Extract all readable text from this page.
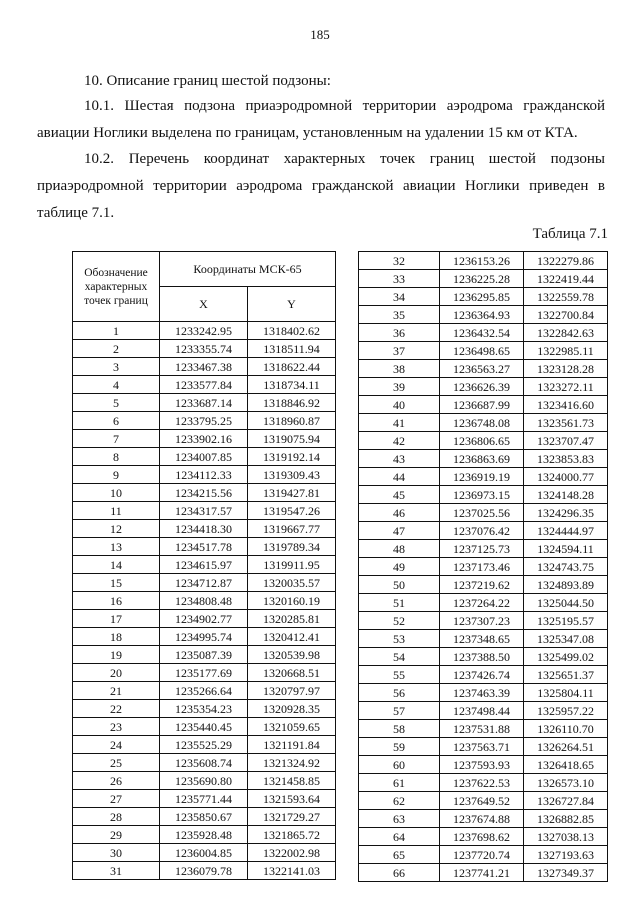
185
10. Описание границ шестой подзоны:
10.1. Шестая подзона приаэродромной территории аэродрома гражданской авиации Ноглики выделена по границам, установленным на удалении 15 км от КТА.
10.2. Перечень координат характерных точек границ шестой подзоны приаэродромной территории аэродрома гражданской авиации Ноглики приведен в таблице 7.1.
Таблица 7.1
Обозначение характерных точек границ	Координаты МСК-65	
	X	Y
1	1233242.95	1318402.62
2	1233355.74	1318511.94
3	1233467.38	1318622.44
4	1233577.84	1318734.11
5	1233687.14	1318846.92
6	1233795.25	1318960.87
7	1233902.16	1319075.94
8	1234007.85	1319192.14
9	1234112.33	1319309.43
10	1234215.56	1319427.81
11	1234317.57	1319547.26
12	1234418.30	1319667.77
13	1234517.78	1319789.34
14	1234615.97	1319911.95
15	1234712.87	1320035.57
16	1234808.48	1320160.19
17	1234902.77	1320285.81
18	1234995.74	1320412.41
19	1235087.39	1320539.98
20	1235177.69	1320668.51
21	1235266.64	1320797.97
22	1235354.23	1320928.35
23	1235440.45	1321059.65
24	1235525.29	1321191.84
25	1235608.74	1321324.92
26	1235690.80	1321458.85
27	1235771.44	1321593.64
28	1235850.67	1321729.27
29	1235928.48	1321865.72
30	1236004.85	1322002.98
31	1236079.78	1322141.03
32	1236153.26	1322279.86
33	1236225.28	1322419.44
34	1236295.85	1322559.78
35	1236364.93	1322700.84
36	1236432.54	1322842.63
37	1236498.65	1322985.11
38	1236563.27	1323128.28
39	1236626.39	1323272.11
40	1236687.99	1323416.60
41	1236748.08	1323561.73
42	1236806.65	1323707.47
43	1236863.69	1323853.83
44	1236919.19	1324000.77
45	1236973.15	1324148.28
46	1237025.56	1324296.35
47	1237076.42	1324444.97
48	1237125.73	1324594.11
49	1237173.46	1324743.75
50	1237219.62	1324893.89
51	1237264.22	1325044.50
52	1237307.23	1325195.57
53	1237348.65	1325347.08
54	1237388.50	1325499.02
55	1237426.74	1325651.37
56	1237463.39	1325804.11
57	1237498.44	1325957.22
58	1237531.88	1326110.70
59	1237563.71	1326264.51
60	1237593.93	1326418.65
61	1237622.53	1326573.10
62	1237649.52	1326727.84
63	1237674.88	1326882.85
64	1237698.62	1327038.13
65	1237720.74	1327193.63
66	1237741.21	1327349.37
